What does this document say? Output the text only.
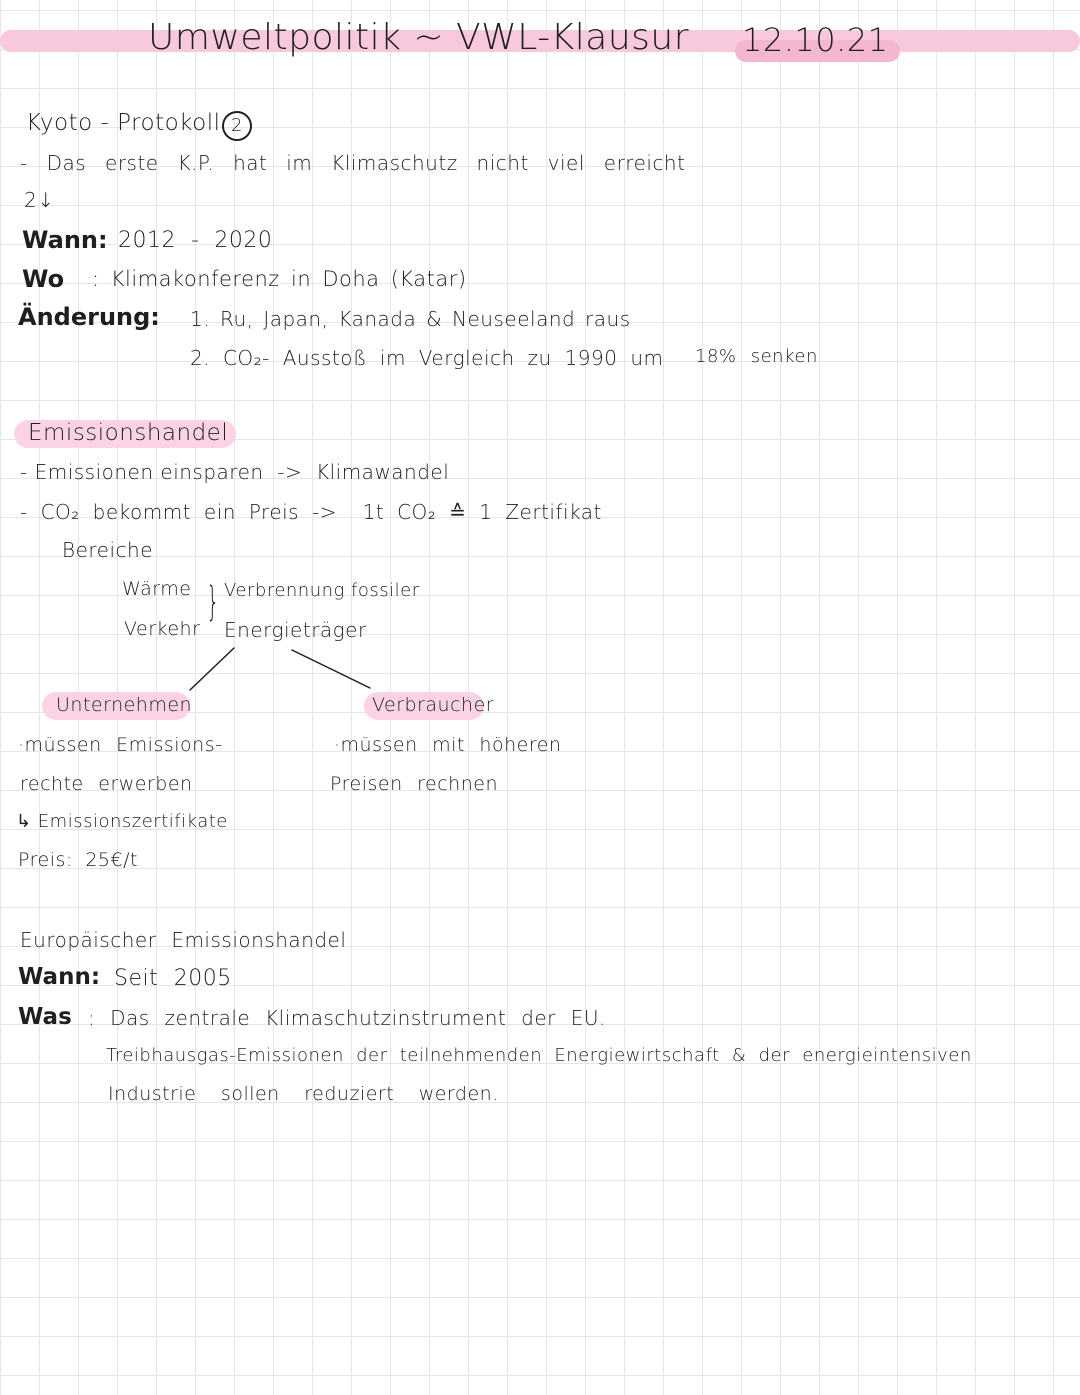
Umweltpolitik ~ VWL-Klausur 12.10.21
Kyoto - Protokoll 2
- Das erste K.P. hat im Klimaschutz nicht viel erreicht
2↓
Wann: 2012  -  2020
Wo : Klimakonferenz in Doha (Katar)
Änderung: 1. Ru, Japan, Kanada & Neuseeland raus
2. CO₂- Ausstoß im Vergleich zu 1990 um 18% senken
Emissionshandel
- Emissionen einsparen  ->  Klimawandel
- CO₂ bekommt ein Preis ->  1t CO₂ ≙ 1 Zertifikat
Bereiche
Wärme
Verkehr
} Verbrennung fossiler
Energieträger
Unternehmen
·müssen Emissions-
rechte erwerben
↳ Emissionszertifikate
Preis: 25€/t
Verbraucher
·müssen mit höheren
Preisen rechnen
Europäischer Emissionshandel
Wann: Seit 2005
Was : Das zentrale Klimaschutzinstrument der EU.
Treibhausgas-Emissionen der teilnehmenden Energiewirtschaft & der energieintensiven
Industrie sollen reduziert werden.
